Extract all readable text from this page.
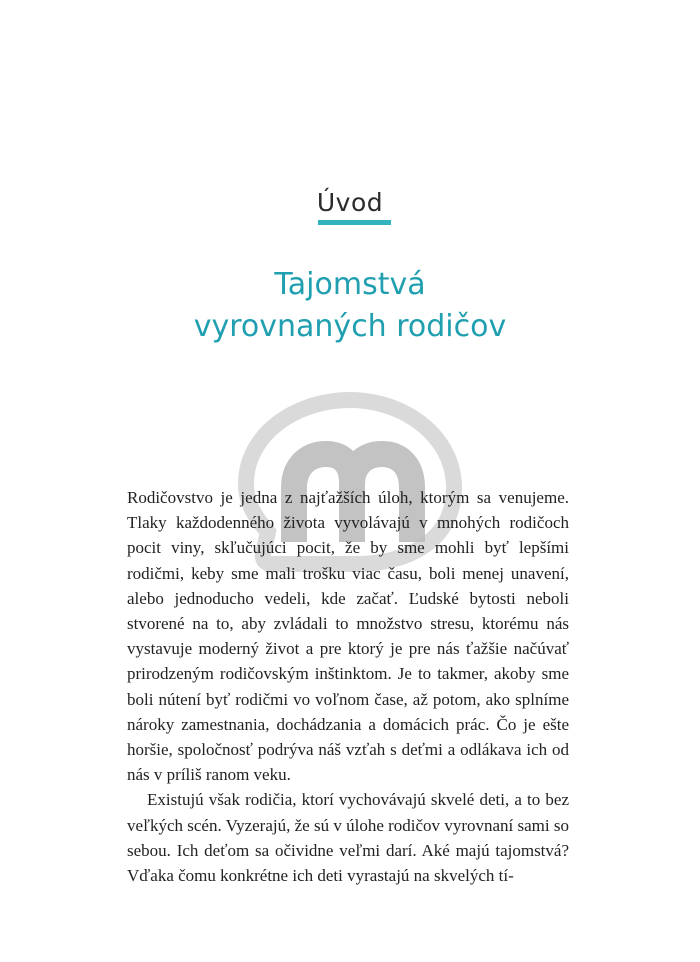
Úvod
Tajomstvá
vyrovnaných rodičov

Rodičovstvo je jedna z najťažších úloh, ktorým sa venujeme. Tlaky každodenného života vyvolávajú v mnohých rodičoch pocit viny, skľučujúci pocit, že by sme mohli byť lepšími rodičmi, keby sme mali trošku viac času, boli menej unavení, alebo jednoducho vedeli, kde začať. Ľudské bytosti neboli stvorené na to, aby zvládali to množstvo stresu, ktorému nás vystavuje moderný život a pre ktorý je pre nás ťažšie načúvať prirodzeným rodičovským inštinktom. Je to takmer, akoby sme boli nútení byť rodičmi vo voľnom čase, až potom, ako splníme nároky zamestnania, dochádzania a domácich prác. Čo je ešte horšie, spoločnosť podrýva náš vzťah s deťmi a odlákava ich od nás v príliš ranom veku.

Existujú však rodičia, ktorí vychovávajú skvelé deti, a to bez veľkých scén. Vyzerajú, že sú v úlohe rodičov vyrovnaní sami so sebou. Ich deťom sa očividne veľmi darí. Aké majú tajomstvá? Vďaka čomu konkrétne ich deti vyrastajú na skvelých tí-
